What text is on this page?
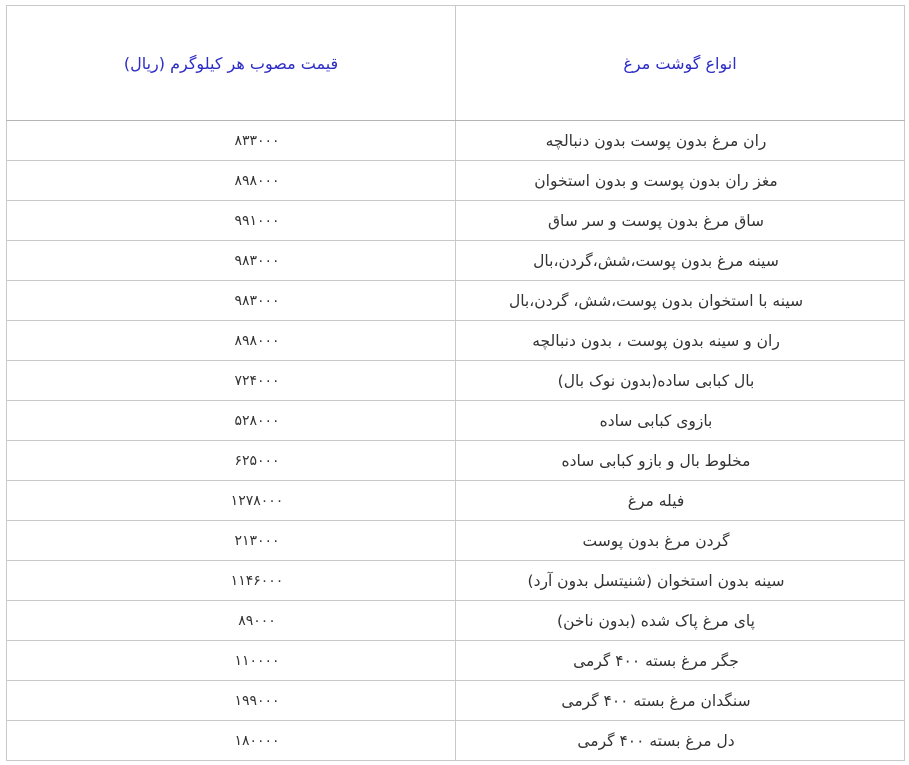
انواع گوشت مرغ	قیمت مصوب هر کیلوگرم (ریال)
ران مرغ بدون پوست بدون دنبالچه	۸۳۳۰۰۰
مغز ران بدون پوست و بدون استخوان	۸۹۸۰۰۰
ساق مرغ بدون پوست و سر ساق	۹۹۱۰۰۰
سینه مرغ بدون پوست،شش،گردن،بال	۹۸۳۰۰۰
سینه با استخوان بدون پوست،شش، گردن،بال	۹۸۳۰۰۰
ران و سینه بدون پوست ، بدون دنبالچه	۸۹۸۰۰۰
بال کبابی ساده(بدون نوک بال)	۷۲۴۰۰۰
بازوی کبابی ساده	۵۲۸۰۰۰
مخلوط بال و بازو کبابی ساده	۶۲۵۰۰۰
فیله مرغ	۱۲۷۸۰۰۰
گردن مرغ بدون پوست	۲۱۳۰۰۰
سینه بدون استخوان (شنیتسل بدون آرد)	۱۱۴۶۰۰۰
پای مرغ پاک شده (بدون ناخن)	۸۹۰۰۰
جگر مرغ بسته ۴۰۰ گرمی	۱۱۰۰۰۰
سنگدان مرغ بسته ۴۰۰ گرمی	۱۹۹۰۰۰
دل مرغ بسته ۴۰۰ گرمی	۱۸۰۰۰۰
